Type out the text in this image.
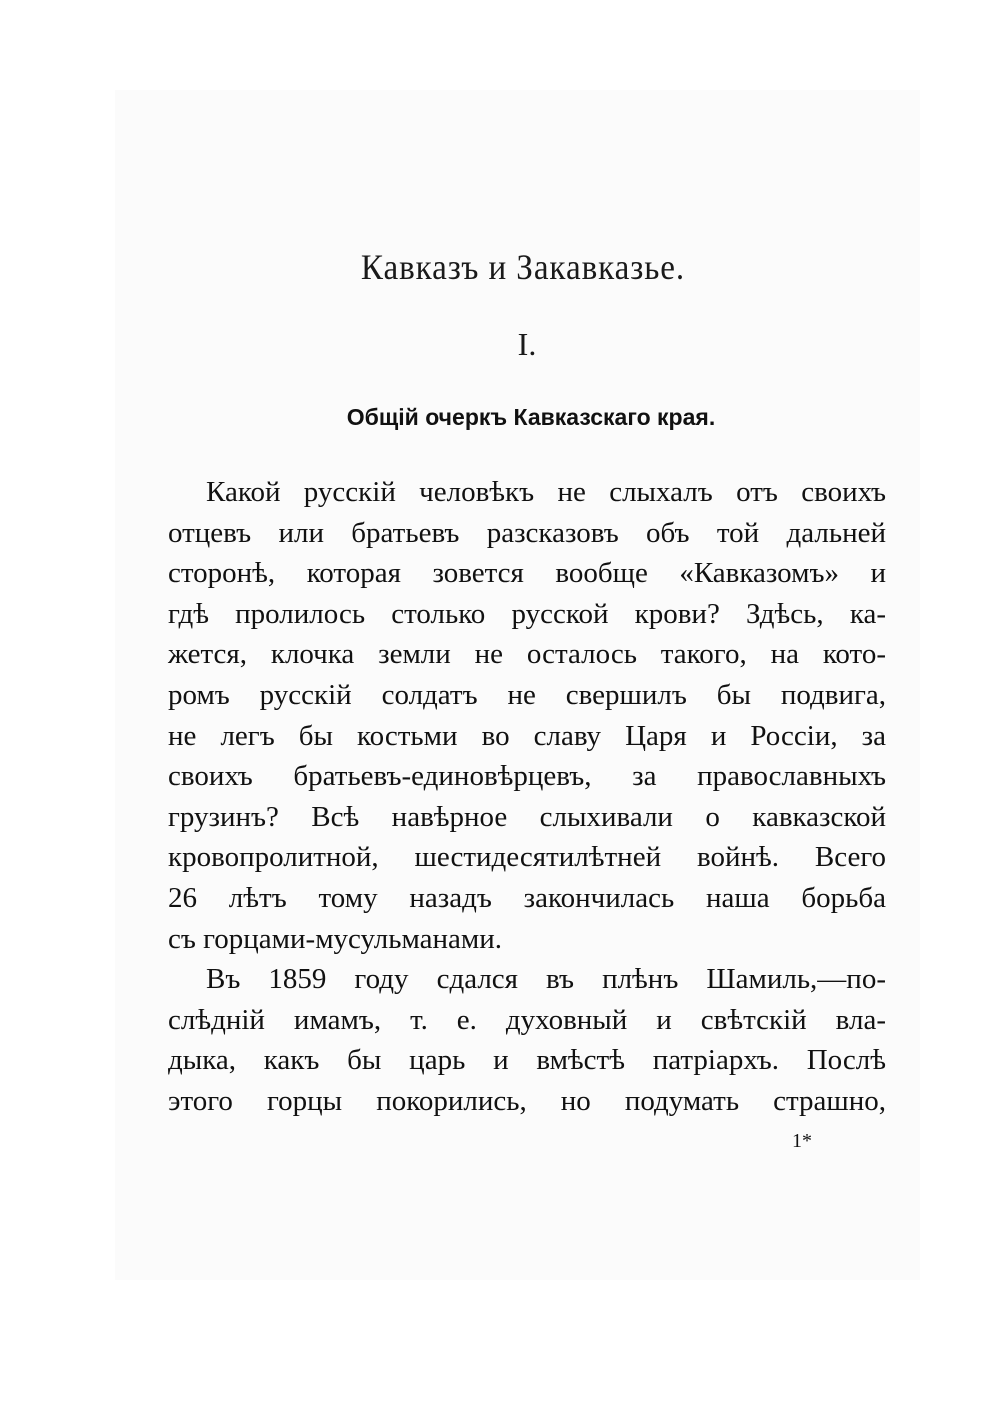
Кавказъ и Закавказье.
I.
Общій очеркъ Кавказскаго края.
Какой русскій человѣкъ не слыхалъ отъ своихъ
отцевъ или братьевъ разсказовъ объ той дальней
сторонѣ, которая зовется вообще «Кавказомъ» и
гдѣ пролилось столько русской крови? Здѣсь, ка-
жется, клочка земли не осталось такого, на кото-
ромъ русскій солдатъ не свершилъ бы подвига,
не легъ бы костьми во славу Царя и Россіи, за
своихъ братьевъ-единовѣрцевъ, за православныхъ
грузинъ? Всѣ навѣрное слыхивали о кавказской
кровопролитной, шестидесятилѣтней войнѣ. Всего
26 лѣтъ тому назадъ закончилась наша борьба
съ горцами-мусульманами.
Въ 1859 году сдался въ плѣнъ Шамиль,—по-
слѣдній имамъ, т. е. духовный и свѣтскій вла-
дыка, какъ бы царь и вмѣстѣ патріархъ. Послѣ
этого горцы покорились, но подумать страшно,
1*
